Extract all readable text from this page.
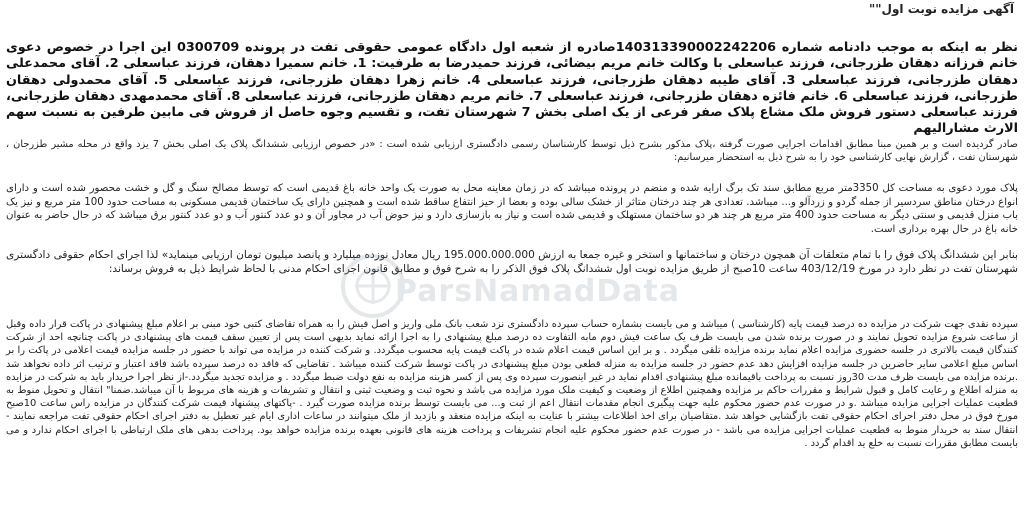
آگهی مزایده نوبت اول""
نظر به اینکه به موجب دادنامه شماره 140313390002242206صادره از شعبه اول دادگاه عمومی حقوقی تفت در پرونده 0300709 این اجرا در خصوص دعوی خانم فرزانه دهقان طزرجانی، فرزند عباسعلی با وکالت خانم مریم بیضائی، فرزند حمیدرضا به طرفیت: 1. خانم سمیرا دهقان، فرزند عباسعلی 2. آقای محمدعلی دهقان طزرجانی، فرزند عباسعلی 3. آقای طیبه دهقان طزرجانی، فرزند عباسعلی 4. خانم زهرا دهقان طزرجانی، فرزند عباسعلی 5. آقای محمدولی دهقان طزرجانی، فرزند عباسعلی 6. خانم فائزه دهقان طزرجانی، فرزند عباسعلی 7. خانم مریم دهقان طزرجانی، فرزند عباسعلی 8. آقای محمدمهدی دهقان طزرجانی، فرزند عباسعلی دستور فروش ملک مشاع پلاک صفر فرعی از یک اصلی بخش 7 شهرستان تفت، و تقسیم وجوه حاصل از فروش فی مابین طرفین به نسبت سهم الارث مشارالیهم
صادر گردیده است و بر همین مبنا مطابق اقدامات اجرایی صورت گرفته ،پلاک مذکور بشرح ذیل توسط کارشناسان رسمی دادگستری ارزیابی شده است : «در خصوص ارزیابی ششدانگ پلاک یک اصلی بخش 7 یزد واقع در محله مشیر طزرجان ، شهرستان تفت ، گزارش نهایی کارشناسی خود را به شرح ذیل به استحضار میرسانیم:
پلاک مورد دعوی به مساحت کل 3350متر مربع مطابق سند تک برگ ارایه شده و منضم در پرونده میباشد که در زمان معاینه محل به صورت یک واحد خانه باغ قدیمی است که توسط مصالح سنگ و گل و خشت محصور شده است و دارای انواع درختان مناطق سردسیر از جمله گردو و زردآلو و... میباشد. تعدادی هر چند درختان متاثر از خشک سالی بوده و بعضا از حیز انتفاع ساقط شده است و همچنین دارای یک ساختمان قدیمی مسکونی به مساحت حدود 100 متر مربع و نیز یک باب منزل قدیمی و سنتی دیگر به مساحت حدود 400 متر مربع هر چند هر دو ساختمان مستهلک و قدیمی شده است و نیاز به بازسازی دارد و نیز حوض آب در مجاور آن و دو عدد کنتور آب و دو عدد کنتور برق میباشد که در حال حاضر به عنوان خانه باغ در حال بهره برداری است.
بنابر این ششدانگ پلاک فوق را با تمام متعلقات آن همچون درختان و ساختمانها و استخر و غیره جمعا به ارزش 195.000.000.000 ریال معادل نوزده میلیارد و پانصد میلیون تومان ارزیابی مینماید» لذا اجرای احکام حقوقی دادگستری شهرستان تفت در نظر دارد در مورخ 403/12/19 ساعت 10صبح از طریق مزایده نوبت اول ششدانگ پلاک فوق الذکر را به شرح فوق و مطابق قانون اجرای احکام مدنی با لحاظ شرایط ذیل به فروش برساند:
سپرده نقدی جهت شرکت در مزایده ده درصد قیمت پایه (کارشناسی ) میباشد و می بایست بشماره حساب سپرده دادگستری نزد شعب بانک ملی واریز و اصل فیش را به همراه تقاضای کتبی خود مبنی بر اعلام مبلغ پیشنهادی در پاکت قرار داده وقبل از ساعت شروع مزایده تحویل نمایند و در صورت برنده شدن می بایست ظرف یک ساعت فیش دوم مابه التفاوت ده درصد مبلغ پیشنهادی را به اجرا ارائه نماید بدیهی است پس از تعیین سقف قیمت های پیشنهادی در پاکت چنانچه احد از شرکت کنندگان قیمت بالاتری در جلسه حضوری مزایده اعلام نماید برنده مزایده تلقی میگردد . و بر این اساس قیمت اعلام شده در پاکت قیمت پایه محسوب میگردد. و شرکت کننده در مزایده می تواند با حضور در جلسه مزایده قیمت اعلامی در پاکت را بر اساس مبلغ اعلامی سایر حاضرین در جلسه مزایده افزایش دهد عدم حضور در جلسه مزایده به منزله قطعی بودن مبلغ پیشنهادی در پاکت توسط شرکت کننده میباشد . تقاضایی که فاقد ده درصد سپرده باشد فاقد اعتبار و ترتیب اثر داده نخواهد شد .برنده مزایده می بایست ظرف مدت 30روز نسبت به پرداخت باقیمانده مبلغ پیشنهادی اقدام نماید در غیر اینصورت سپرده وی پس از کسر هزینه مزایده به نفع دولت ضبط میگردد . و مزایده تجدید میگردد.-از نظر اجرا خریدار باید به شرکت در مزایده به منزله اطلاع و رعایت کامل و قبول شرایط و مقررات حاکم بر مزایده وهمچنین اطلاع از وضعیت و کیفیت ملک مورد مزایده می باشد و نحوه ثبت و وضعیت ثبتی و انتقال و تشریفات و هزینه های مربوط با آن میباشد.ضمنا" انتقال و تحویل منوط به قطعیت عملیات اجرایی مزایده میباشد .و در صورت عدم حضور محکوم علیه جهت پیگیری انجام مقدمات انتقال اعم از ثبت و... می بایست توسط برنده مزایده صورت گیرد . -پاکتهای پیشنهاد قیمت شرکت کنندگان در مزایده راس ساعت 10صبح مورخ فوق در محل دفتر اجرای احکام حقوقی تفت بازگشایی خواهد شد .متقاضیان برای اخذ اطلاعات بیشتر با عنایت به اینکه مزایده منعقد و بازدید از ملک میتوانند در ساعات اداری ایام غیر تعطیل به دفتر اجرای احکام حقوقی تفت مراجعه نمایند - انتقال سند به خریدار منوط به قطعیت عملیات اجرایی مزایده می باشد - در صورت عدم حضور محکوم علیه انجام تشریفات و پرداخت هزینه های قانونی بعهده برنده مزایده خواهد بود. پرداخت بدهی های ملک ارتباطی با اجرای احکام ندارد و می بایست مطابق مقررات نسبت به خلع ید اقدام گردد .
ParsNamadData
